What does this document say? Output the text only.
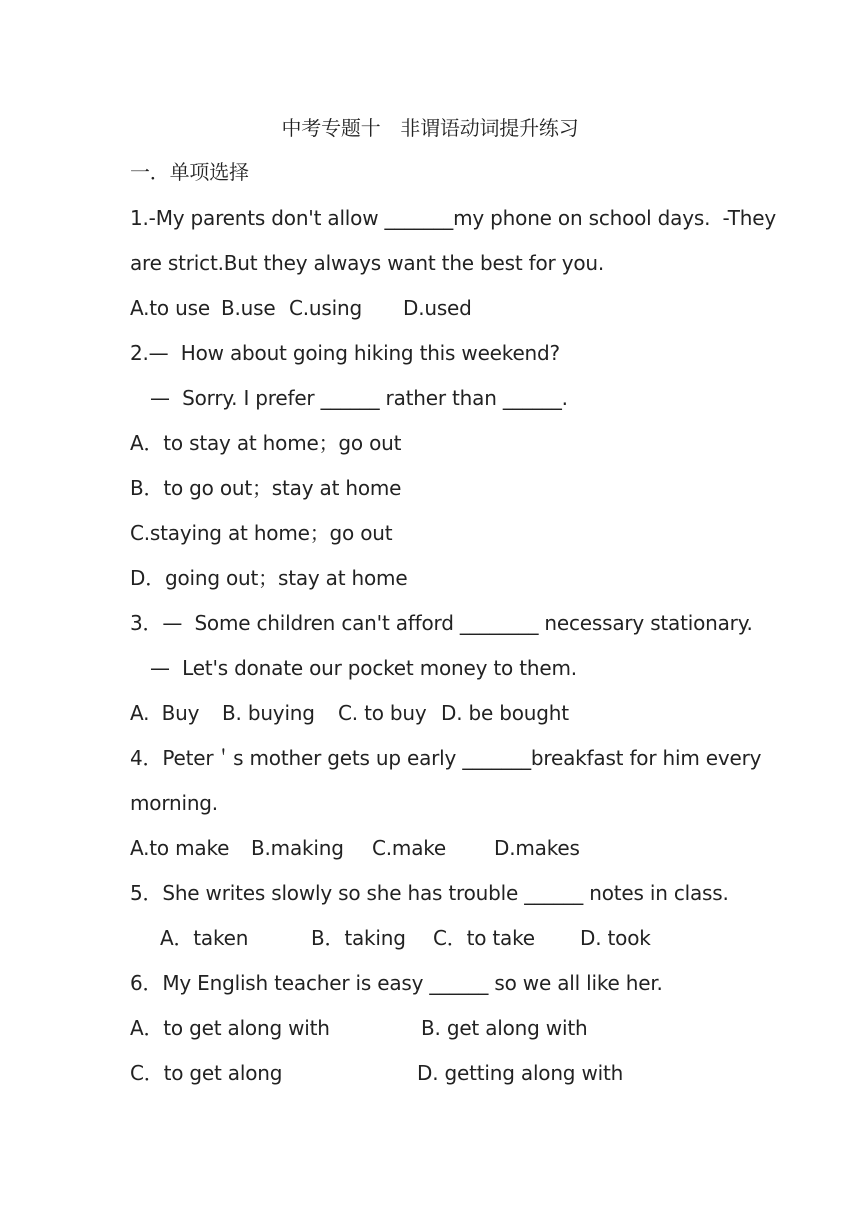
中考专题十　非谓语动词提升练习
一．单项选择
1.-My parents don't allow _______my phone on school days.  -They
are strict.But they always want the best for you.
A.to use B.use C.using D.used
2.—  How about going hiking this weekend?
—  Sorry. I prefer ______ rather than ______.
A．to stay at home；go out
B．to go out；stay at home
C.staying at home；go out
D．going out；stay at home
3．—  Some children can't afford ________ necessary stationary.
—  Let's donate our pocket money to them.
A.  Buy B. buying C. to buy D. be bought
4．Peter＇s mother gets up early _______breakfast for him every
morning.
A.to make B.making C.make D.makes
5．She writes slowly so she has trouble ______ notes in class.
A．taken	B．taking C．to take D. took
6．My English teacher is easy ______ so we all like her.
A．to get along with	B. get along with
C．to get along	D. getting along with
